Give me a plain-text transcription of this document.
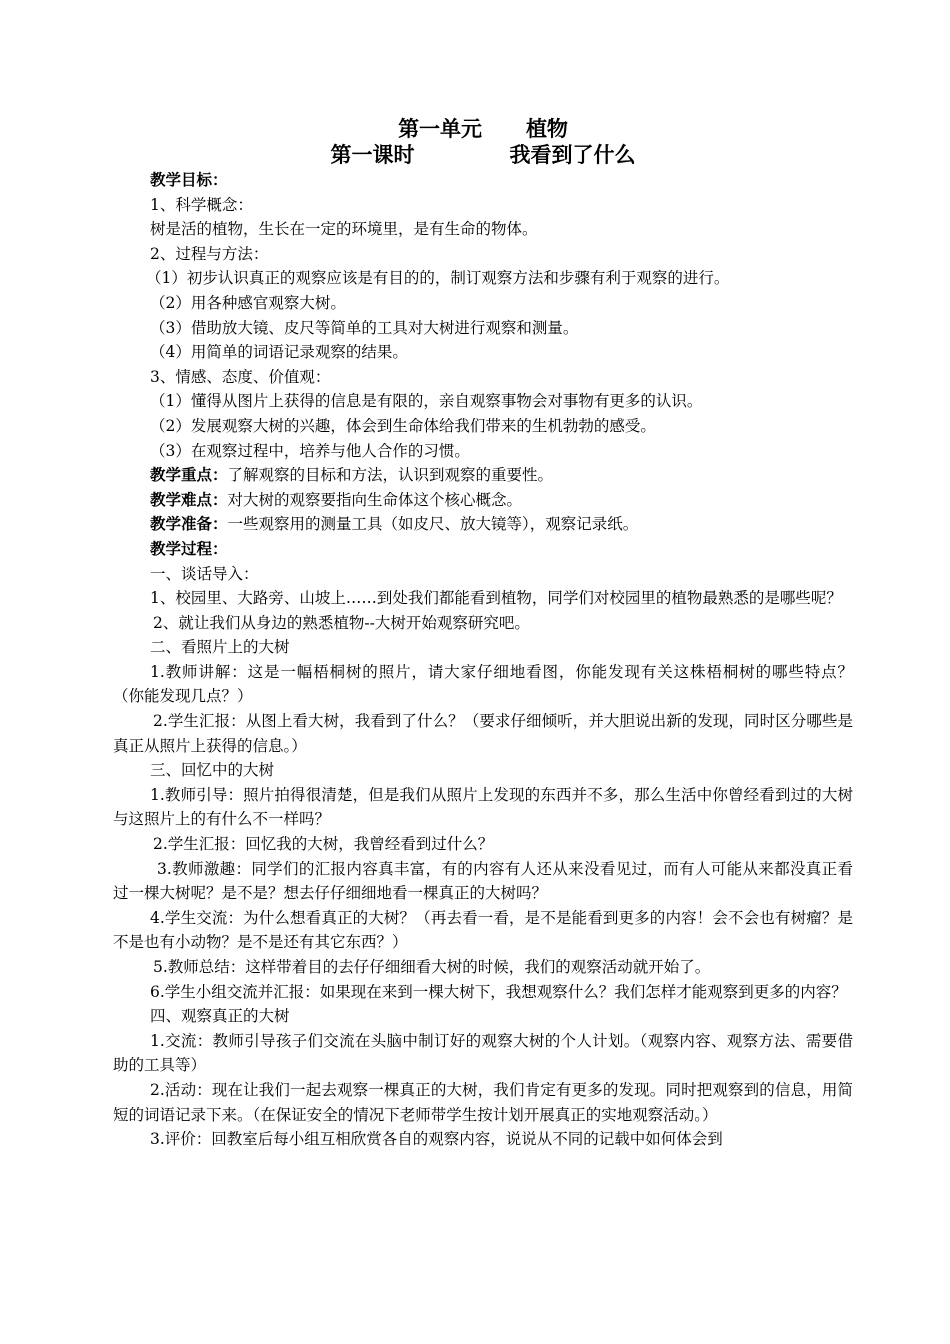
第一单元 植物
第一课时	我看到了什么
教学目标：
1、科学概念：
树是活的植物，生长在一定的环境里，是有生命的物体。
2、过程与方法：
（1）初步认识真正的观察应该是有目的的，制订观察方法和步骤有利于观察的进行。
（2）用各种感官观察大树。
（3）借助放大镜、皮尺等简单的工具对大树进行观察和测量。
（4）用简单的词语记录观察的结果。
3、情感、态度、价值观：
（1）懂得从图片上获得的信息是有限的，亲自观察事物会对事物有更多的认识。
（2）发展观察大树的兴趣，体会到生命体给我们带来的生机勃勃的感受。
（3）在观察过程中，培养与他人合作的习惯。
教学重点：了解观察的目标和方法，认识到观察的重要性。
教学难点：对大树的观察要指向生命体这个核心概念。
教学准备：一些观察用的测量工具（如皮尺、放大镜等），观察记录纸。
教学过程：
一、谈话导入：
1、校园里、大路旁、山坡上……到处我们都能看到植物，同学们对校园里的植物最熟悉的是哪些呢？
2、就让我们从身边的熟悉植物--大树开始观察研究吧。
二、看照片上的大树
1.教师讲解：这是一幅梧桐树的照片，请大家仔细地看图，你能发现有关这株梧桐树的哪些特点？　（你能发现几点？）
2.学生汇报：从图上看大树，我看到了什么？（要求仔细倾听，并大胆说出新的发现，同时区分哪些是真正从照片上获得的信息。）
三、回忆中的大树
1.教师引导：照片拍得很清楚，但是我们从照片上发现的东西并不多，那么生活中你曾经看到过的大树与这照片上的有什么不一样吗？
2.学生汇报：回忆我的大树，我曾经看到过什么？
3.教师激趣：同学们的汇报内容真丰富，有的内容有人还从来没看见过，而有人可能从来都没真正看过一棵大树呢？是不是？想去仔仔细细地看一棵真正的大树吗？
4.学生交流：为什么想看真正的大树？（再去看一看，是不是能看到更多的内容！会不会也有树瘤？是不是也有小动物？是不是还有其它东西？）
5.教师总结：这样带着目的去仔仔细细看大树的时候，我们的观察活动就开始了。
6.学生小组交流并汇报：如果现在来到一棵大树下，我想观察什么？我们怎样才能观察到更多的内容？
四、观察真正的大树
1.交流：教师引导孩子们交流在头脑中制订好的观察大树的个人计划。（观察内容、观察方法、需要借助的工具等）
2.活动：现在让我们一起去观察一棵真正的大树，我们肯定有更多的发现。同时把观察到的信息，用简短的词语记录下来。（在保证安全的情况下老师带学生按计划开展真正的实地观察活动。）
3.评价：回教室后每小组互相欣赏各自的观察内容，说说从不同的记载中如何体会到
